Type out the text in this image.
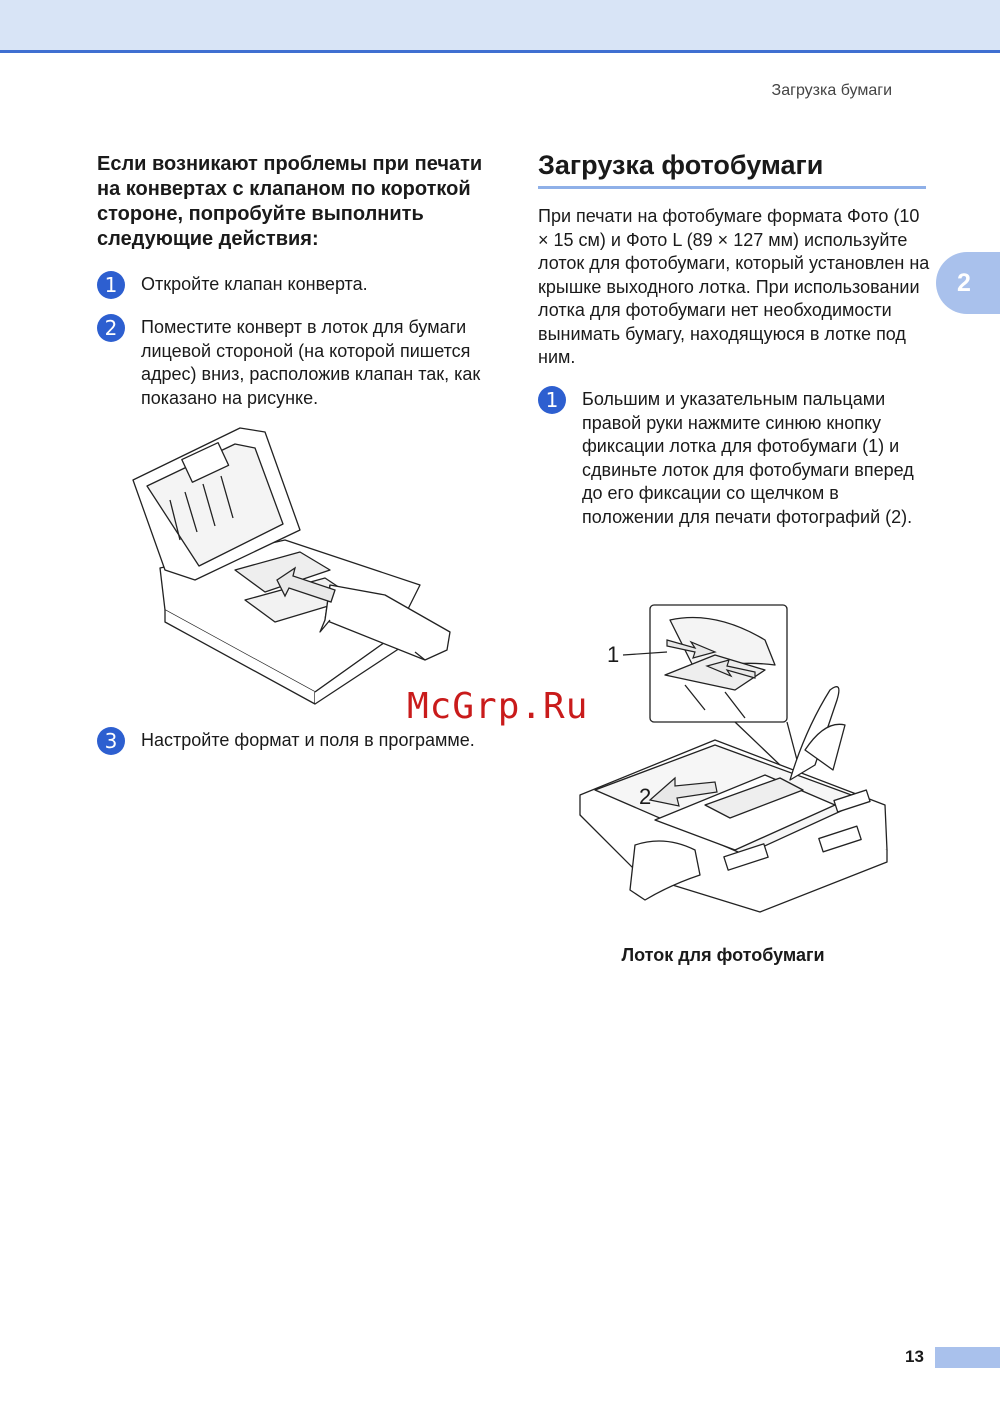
Загрузка бумаги
2

Если возникают проблемы при печати на конвертах с клапаном по короткой стороне, попробуйте выполнить следующие действия:

1	Откройте клапан конверта.
2	Поместите конверт в лоток для бумаги лицевой стороной (на которой пишется адрес) вниз, расположив клапан так, как показано на рисунке.
3	Настройте формат и поля в программе.
Загрузка фотобумаги

При печати на фотобумаге формата Фото (10 × 15 см) и Фото L (89 × 127 мм) используйте лоток для фотобумаги, который установлен на крышке выходного лотка. При использовании лотка для фотобумаги нет необходимости вынимать бумагу, находящуюся в лотке под ним.

1	Большим и указательным пальцами правой руки нажмите синюю кнопку фиксации лотка для фотобумаги (1) и сдвиньте лоток для фотобумаги вперед до его фиксации со щелчком в положении для печати фотографий (2).
1
2
Лоток для фотобумаги
McGrp.Ru
13
